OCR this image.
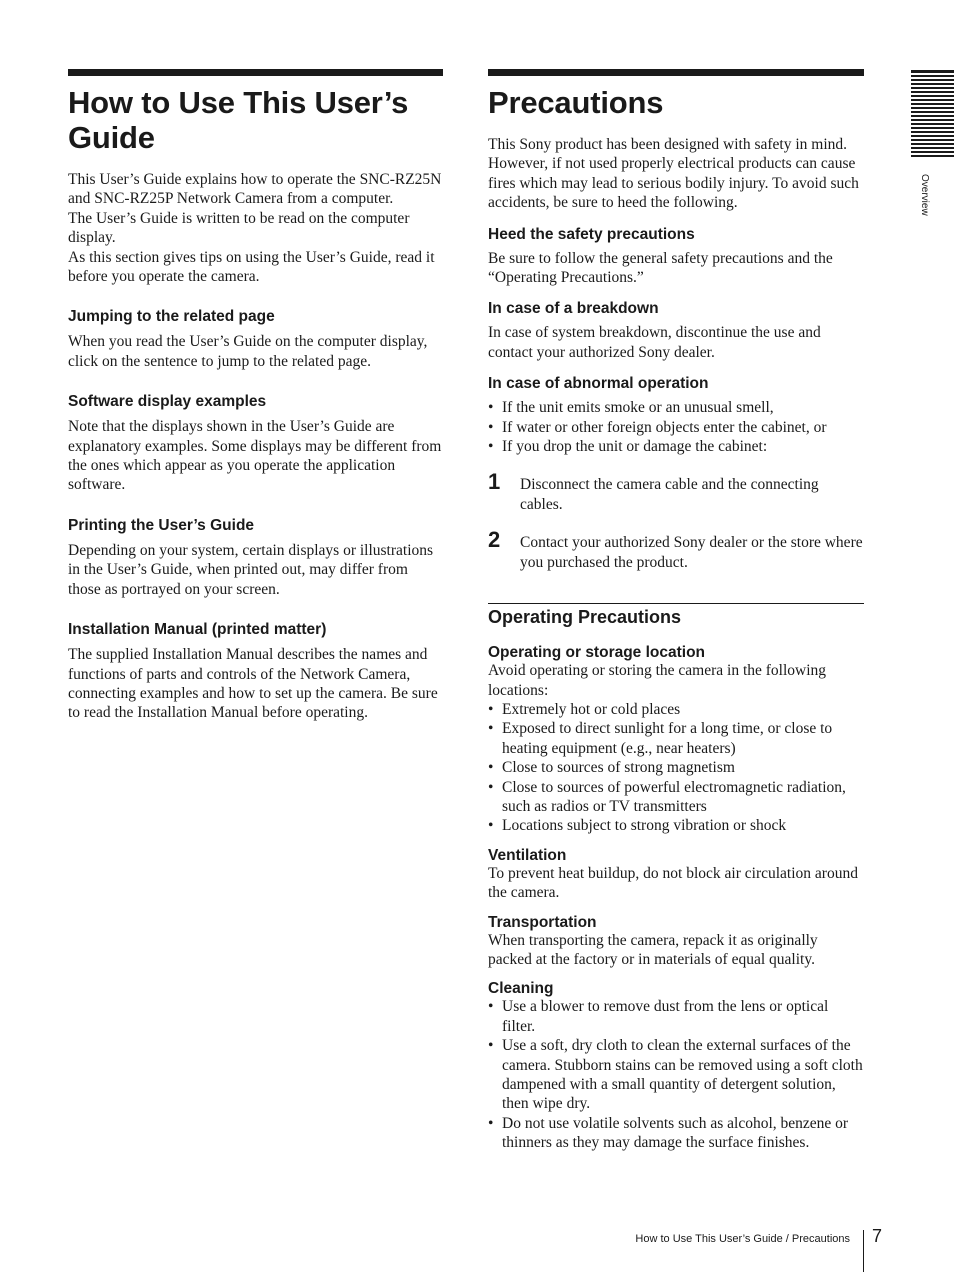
How to Use This User’s Guide

This User’s Guide explains how to operate the SNC-RZ25N and SNC-RZ25P Network Camera from a computer.

The User’s Guide is written to be read on the computer display.

As this section gives tips on using the User’s Guide, read it before you operate the camera.

Jumping to the related page

When you read the User’s Guide on the computer display, click on the sentence to jump to the related page.

Software display examples

Note that the displays shown in the User’s Guide are explanatory examples. Some displays may be different from the ones which appear as you operate the application software.

Printing the User’s Guide

Depending on your system, certain displays or illustrations in the User’s Guide, when printed out, may differ from those as portrayed on your screen.

Installation Manual (printed matter)

The supplied Installation Manual describes the names and functions of parts and controls of the Network Camera, connecting examples and how to set up the camera. Be sure to read the Installation Manual before operating.

Precautions

This Sony product has been designed with safety in mind. However, if not used properly electrical products can cause fires which may lead to serious bodily injury. To avoid such accidents, be sure to heed the following.

Heed the safety precautions

Be sure to follow the general safety precautions and the “Operating Precautions.”

In case of a breakdown

In case of system breakdown, discontinue the use and contact your authorized Sony dealer.

In case of abnormal operation
• If the unit emits smoke or an unusual smell,
• If water or other foreign objects enter the cabinet, or
• If you drop the unit or damage the cabinet:
1	Disconnect the camera cable and the connecting cables.
2	Contact your authorized Sony dealer or the store where you purchased the product.
Operating Precautions
Operating or storage location

Avoid operating or storing the camera in the following locations:

• Extremely hot or cold places
• Exposed to direct sunlight for a long time, or close to heating equipment (e.g., near heaters)
• Close to sources of strong magnetism
• Close to sources of powerful electromagnetic radiation, such as radios or TV transmitters
• Locations subject to strong vibration or shock
Ventilation

To prevent heat buildup, do not block air circulation around the camera.

Transportation

When transporting the camera, repack it as originally packed at the factory or in materials of equal quality.

Cleaning
• Use a blower to remove dust from the lens or optical filter.
• Use a soft, dry cloth to clean the external surfaces of the camera. Stubborn stains can be removed using a soft cloth dampened with a small quantity of detergent solution, then wipe dry.
• Do not use volatile solvents such as alcohol, benzene or thinners as they may damage the surface finishes.
Overview
How to Use This User’s Guide / Precautions 7
